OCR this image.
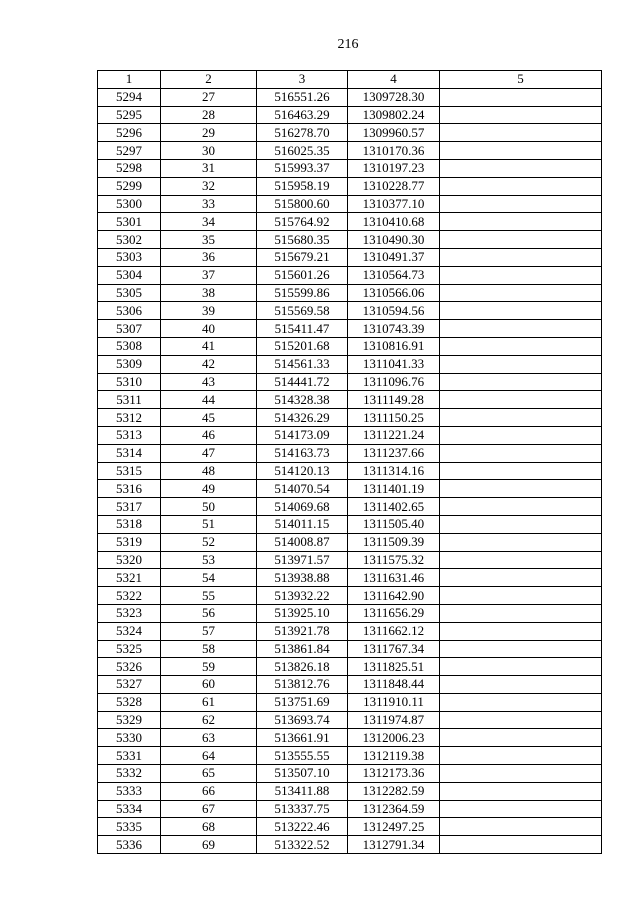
216
1	2	3	4	5
5294	27	516551.26	1309728.30	
5295	28	516463.29	1309802.24	
5296	29	516278.70	1309960.57	
5297	30	516025.35	1310170.36	
5298	31	515993.37	1310197.23	
5299	32	515958.19	1310228.77	
5300	33	515800.60	1310377.10	
5301	34	515764.92	1310410.68	
5302	35	515680.35	1310490.30	
5303	36	515679.21	1310491.37	
5304	37	515601.26	1310564.73	
5305	38	515599.86	1310566.06	
5306	39	515569.58	1310594.56	
5307	40	515411.47	1310743.39	
5308	41	515201.68	1310816.91	
5309	42	514561.33	1311041.33	
5310	43	514441.72	1311096.76	
5311	44	514328.38	1311149.28	
5312	45	514326.29	1311150.25	
5313	46	514173.09	1311221.24	
5314	47	514163.73	1311237.66	
5315	48	514120.13	1311314.16	
5316	49	514070.54	1311401.19	
5317	50	514069.68	1311402.65	
5318	51	514011.15	1311505.40	
5319	52	514008.87	1311509.39	
5320	53	513971.57	1311575.32	
5321	54	513938.88	1311631.46	
5322	55	513932.22	1311642.90	
5323	56	513925.10	1311656.29	
5324	57	513921.78	1311662.12	
5325	58	513861.84	1311767.34	
5326	59	513826.18	1311825.51	
5327	60	513812.76	1311848.44	
5328	61	513751.69	1311910.11	
5329	62	513693.74	1311974.87	
5330	63	513661.91	1312006.23	
5331	64	513555.55	1312119.38	
5332	65	513507.10	1312173.36	
5333	66	513411.88	1312282.59	
5334	67	513337.75	1312364.59	
5335	68	513222.46	1312497.25	
5336	69	513322.52	1312791.34	
